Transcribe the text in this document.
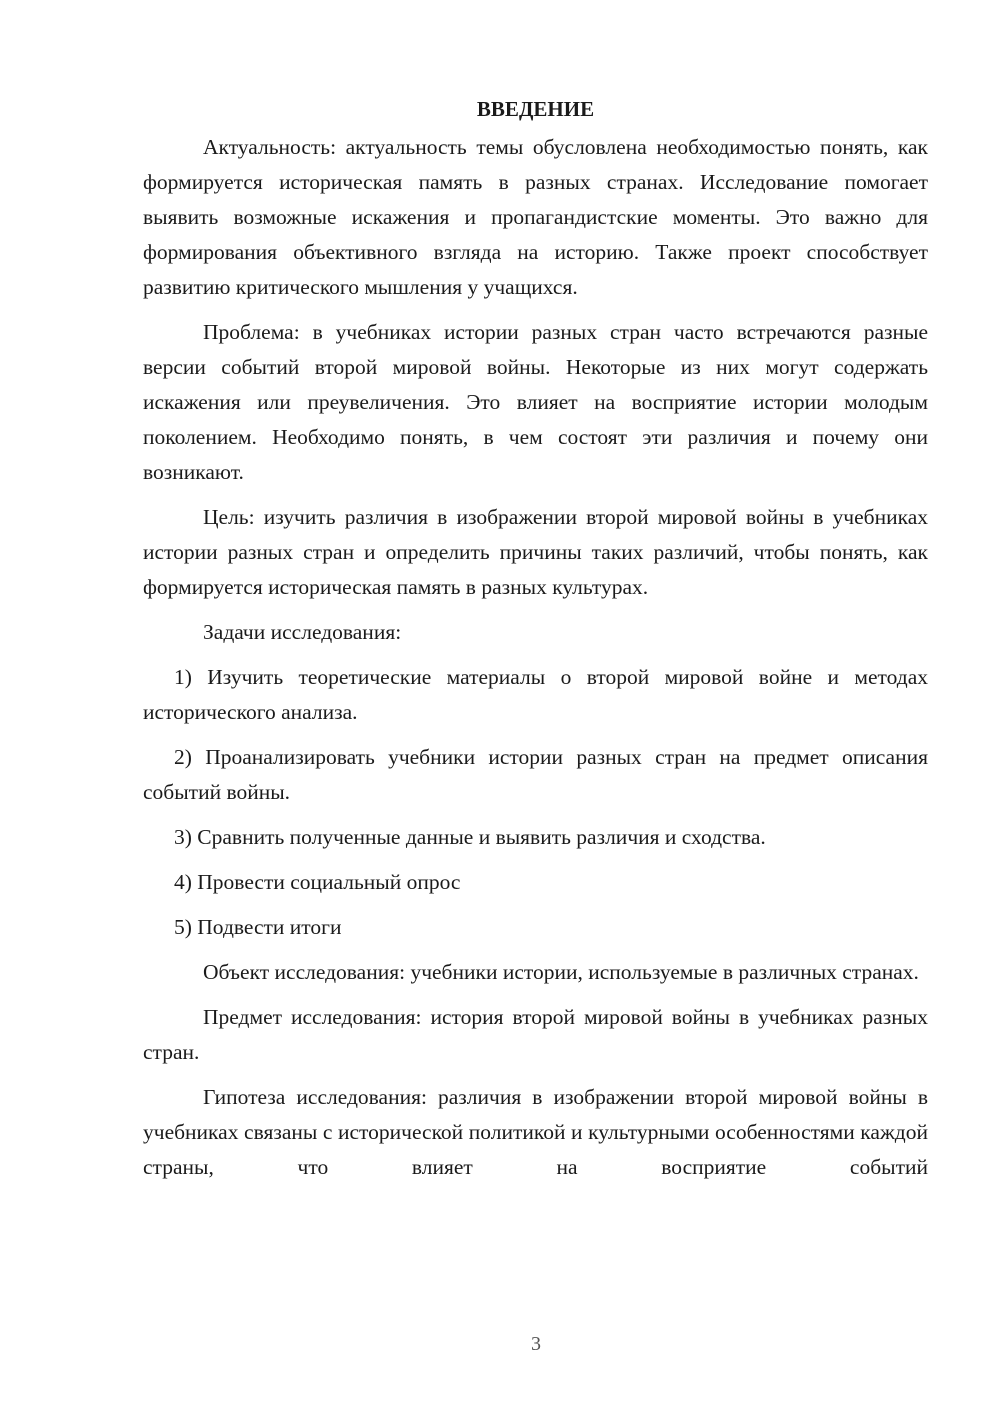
ВВЕДЕНИЕ

Актуальность: актуальность темы обусловлена необходимостью понять, как формируется историческая память в разных странах. Исследование помогает выявить возможные искажения и пропагандистские моменты. Это важно для формирования объективного взгляда на историю. Также проект способствует развитию критического мышления у учащихся.

Проблема: в учебниках истории разных стран часто встречаются разные версии событий второй мировой войны. Некоторые из них могут содержать искажения или преувеличения. Это влияет на восприятие истории молодым поколением. Необходимо понять, в чем состоят эти различия и почему они возникают.

Цель: изучить различия в изображении второй мировой войны в учебниках истории разных стран и определить причины таких различий, чтобы понять, как формируется историческая память в разных культурах.

Задачи исследования:

1) Изучить теоретические материалы о второй мировой войне и методах исторического анализа.

2) Проанализировать учебники истории разных стран на предмет описания событий войны.

3) Сравнить полученные данные и выявить различия и сходства.

4) Провести социальный опрос

5) Подвести итоги

Объект исследования: учебники истории, используемые в различных странах.

Предмет исследования: история второй мировой войны в учебниках разных стран.

Гипотеза исследования: различия в изображении второй мировой войны в учебниках связаны с исторической политикой и культурными особенностями каждой страны, что влияет на восприятие событий

3
